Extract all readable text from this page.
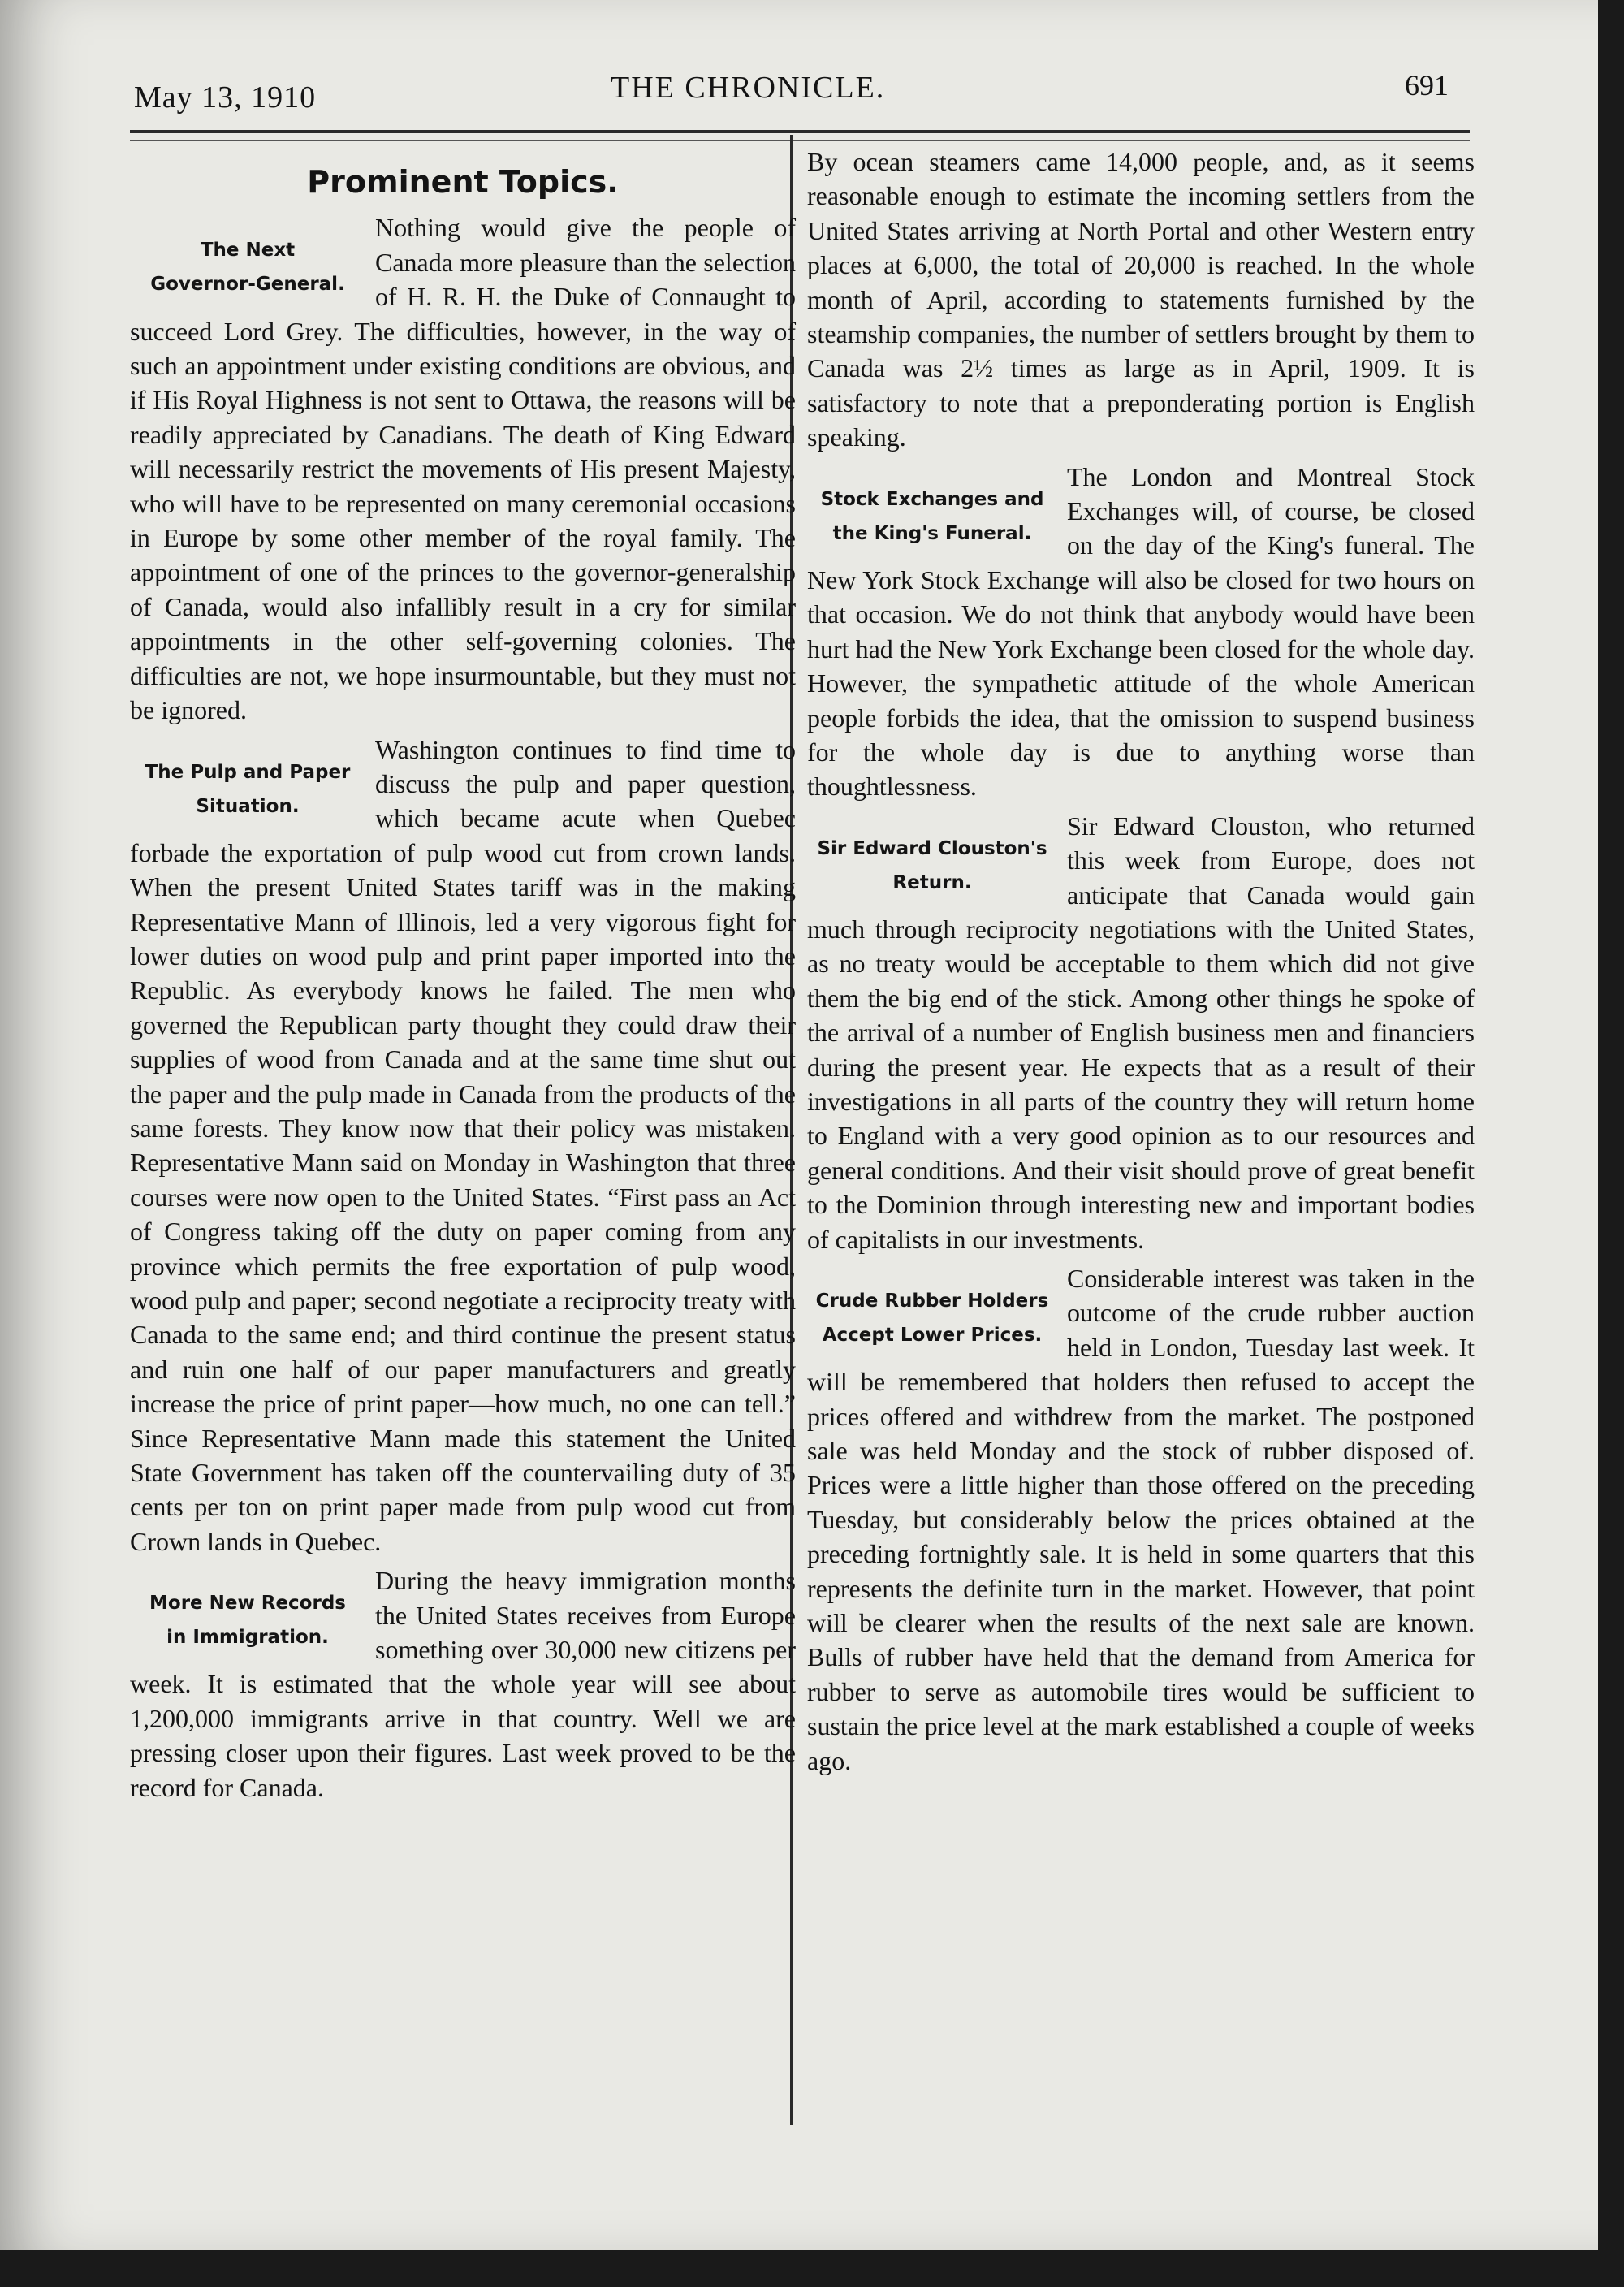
May 13, 1910	THE CHRONICLE.	691
Prominent Topics.
The Next
Governor-General.

Nothing would give the people of Canada more pleasure than the selection of H. R. H. the Duke of Connaught to succeed Lord Grey. The difficulties, however, in the way of such an appointment under existing conditions are obvious, and if His Royal Highness is not sent to Ottawa, the reasons will be readily appreciated by Canadians. The death of King Edward will necessarily restrict the movements of His present Majesty, who will have to be represented on many ceremonial occasions in Europe by some other member of the royal family. The appointment of one of the princes to the governor-generalship of Canada, would also infallibly result in a cry for similar appointments in the other self-governing colonies. The difficulties are not, we hope insurmountable, but they must not be ignored.

The Pulp and Paper
Situation.

Washington continues to find time to discuss the pulp and paper question, which became acute when Quebec forbade the exportation of pulp wood cut from crown lands. When the present United States tariff was in the making Representative Mann of Illinois, led a very vigorous fight for lower duties on wood pulp and print paper imported into the Republic. As everybody knows he failed. The men who governed the Republican party thought they could draw their supplies of wood from Canada and at the same time shut out the paper and the pulp made in Canada from the products of the same forests. They know now that their policy was mistaken. Representative Mann said on Monday in Washington that three courses were now open to the United States. “First pass an Act of Congress taking off the duty on paper coming from any province which permits the free exportation of pulp wood, wood pulp and paper; second negotiate a reciprocity treaty with Canada to the same end; and third continue the present status and ruin one half of our paper manufacturers and greatly increase the price of print paper—how much, no one can tell.” Since Representative Mann made this statement the United State Government has taken off the countervailing duty of 35 cents per ton on print paper made from pulp wood cut from Crown lands in Quebec.

More New Records
in Immigration.

During the heavy immigration months the United States receives from Europe something over 30,000 new citizens per week. It is estimated that the whole year will see about 1,200,000 immigrants arrive in that country. Well we are pressing closer upon their figures. Last week proved to be the record for Canada.

By ocean steamers came 14,000 people, and, as it seems reasonable enough to estimate the incoming settlers from the United States arriving at North Portal and other Western entry places at 6,000, the total of 20,000 is reached. In the whole month of April, according to statements furnished by the steamship companies, the number of settlers brought by them to Canada was 2½ times as large as in April, 1909. It is satisfactory to note that a preponderating portion is English speaking.

Stock Exchanges and
the King's Funeral.

The London and Montreal Stock Exchanges will, of course, be closed on the day of the King's funeral. The New York Stock Exchange will also be closed for two hours on that occasion. We do not think that anybody would have been hurt had the New York Exchange been closed for the whole day. However, the sympathetic attitude of the whole American people forbids the idea, that the omission to suspend business for the whole day is due to anything worse than thoughtlessness.

Sir Edward Clouston's
Return.

Sir Edward Clouston, who returned this week from Europe, does not anticipate that Canada would gain much through reciprocity negotiations with the United States, as no treaty would be acceptable to them which did not give them the big end of the stick. Among other things he spoke of the arrival of a number of English business men and financiers during the present year. He expects that as a result of their investigations in all parts of the country they will return home to England with a very good opinion as to our resources and general conditions. And their visit should prove of great benefit to the Dominion through interesting new and important bodies of capitalists in our investments.

Crude Rubber Holders
Accept Lower Prices.

Considerable interest was taken in the outcome of the crude rubber auction held in London, Tuesday last week. It will be remembered that holders then refused to accept the prices offered and withdrew from the market. The postponed sale was held Monday and the stock of rubber disposed of. Prices were a little higher than those offered on the preceding Tuesday, but considerably below the prices obtained at the preceding fortnightly sale. It is held in some quarters that this represents the definite turn in the market. However, that point will be clearer when the results of the next sale are known. Bulls of rubber have held that the demand from America for rubber to serve as automobile tires would be sufficient to sustain the price level at the mark established a couple of weeks ago.
